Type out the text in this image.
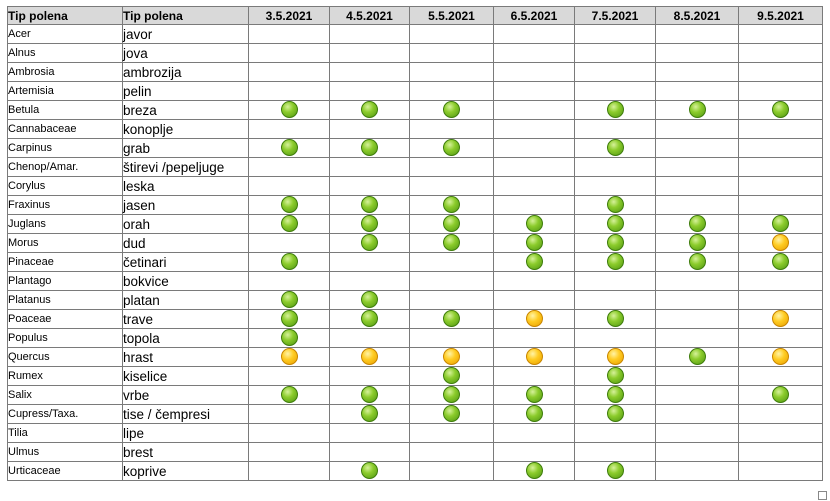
Tip polena	Tip polena	3.5.2021	4.5.2021	5.5.2021	6.5.2021	7.5.2021	8.5.2021	9.5.2021
Acer	javor							
Alnus	jova							
Ambrosia	ambrozija							
Artemisia	pelin							
Betula	breza							
Cannabaceae	konoplje							
Carpinus	grab							
Chenop/Amar.	štirevi /pepeljuge							
Corylus	leska							
Fraxinus	jasen							
Juglans	orah							
Morus	dud							
Pinaceae	četinari							
Plantago	bokvice							
Platanus	platan							
Poaceae	trave							
Populus	topola							
Quercus	hrast							
Rumex	kiselice							
Salix	vrbe							
Cupress/Taxa.	tise / čempresi							
Tilia	lipe							
Ulmus	brest							
Urticaceae	koprive							
